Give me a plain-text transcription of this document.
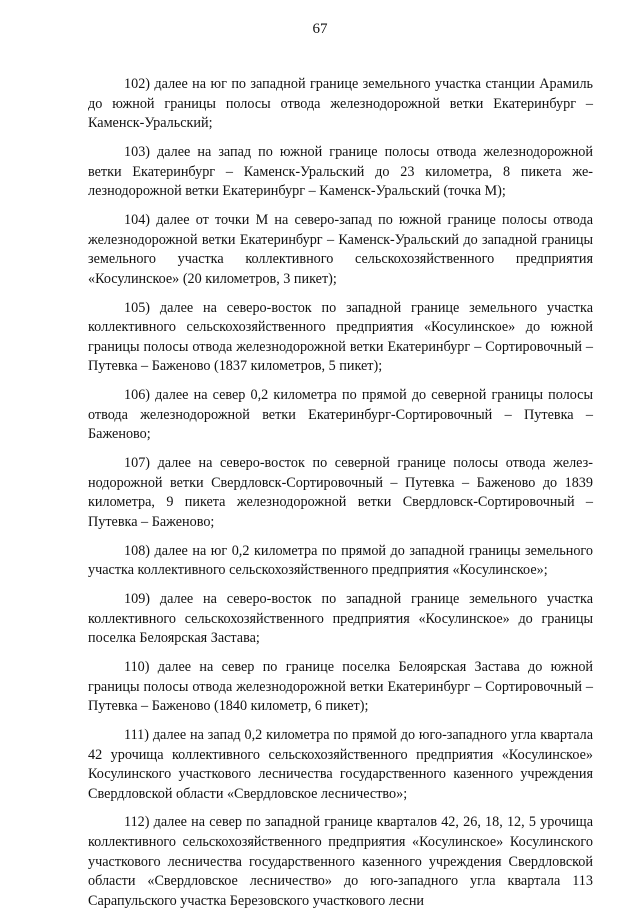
67

102) далее на юг по западной границе земельного участка станции Арамиль до южной границы полосы отвода железнодорожной ветки Екатеринбург – Каменск-Уральский;

103) далее на запад по южной границе полосы отвода железнодорожной ветки Екатеринбург – Каменск-Уральский до 23 километра, 8 пикета железнодорожной ветки Екатеринбург – Каменск-Уральский (точка М);

104) далее от точки М на северо-запад по южной границе полосы отвода железнодорожной ветки Екатеринбург – Каменск-Уральский до западной границы земельного участка коллективного сельскохозяйственного предприятия «Косулинское» (20 километров, 3 пикет);

105) далее на северо-восток по западной границе земельного участка коллективного сельскохозяйственного предприятия «Косулинское» до южной границы полосы отвода железнодорожной ветки Екатеринбург – Сортировочный – Путевка – Баженово (1837 километров, 5 пикет);

106) далее на север 0,2 километра по прямой до северной границы полосы отвода железнодорожной ветки Екатеринбург-Сортировочный – Путевка – Баженово;

107) далее на северо-восток по северной границе полосы отвода железнодорожной ветки Свердловск-Сортировочный – Путевка – Баженово до 1839 километра, 9 пикета железнодорожной ветки Свердловск-Сортировочный – Путевка – Баженово;

108) далее на юг 0,2 километра по прямой до западной границы земельного участка коллективного сельскохозяйственного предприятия «Косулинское»;

109) далее на северо-восток по западной границе земельного участка коллективного сельскохозяйственного предприятия «Косулинское» до границы поселка Белоярская Застава;

110) далее на север по границе поселка Белоярская Застава до южной границы полосы отвода железнодорожной ветки Екатеринбург – Сортировочный – Путевка – Баженово (1840 километр, 6 пикет);

111) далее на запад 0,2 километра по прямой до юго-западного угла квартала 42 урочища коллективного сельскохозяйственного предприятия «Косулинское» Косулинского участкового лесничества государственного казенного учреждения Свердловской области «Свердловское лесничество»;

112) далее на север по западной границе кварталов 42, 26, 18, 12, 5 урочища коллективного сельскохозяйственного предприятия «Косулинское» Косулинского участкового лесничества государственного казенного учреждения Свердловской области «Свердловское лесничество» до юго-западного угла квартала 113 Сарапульского участка Березовского участкового лесни
